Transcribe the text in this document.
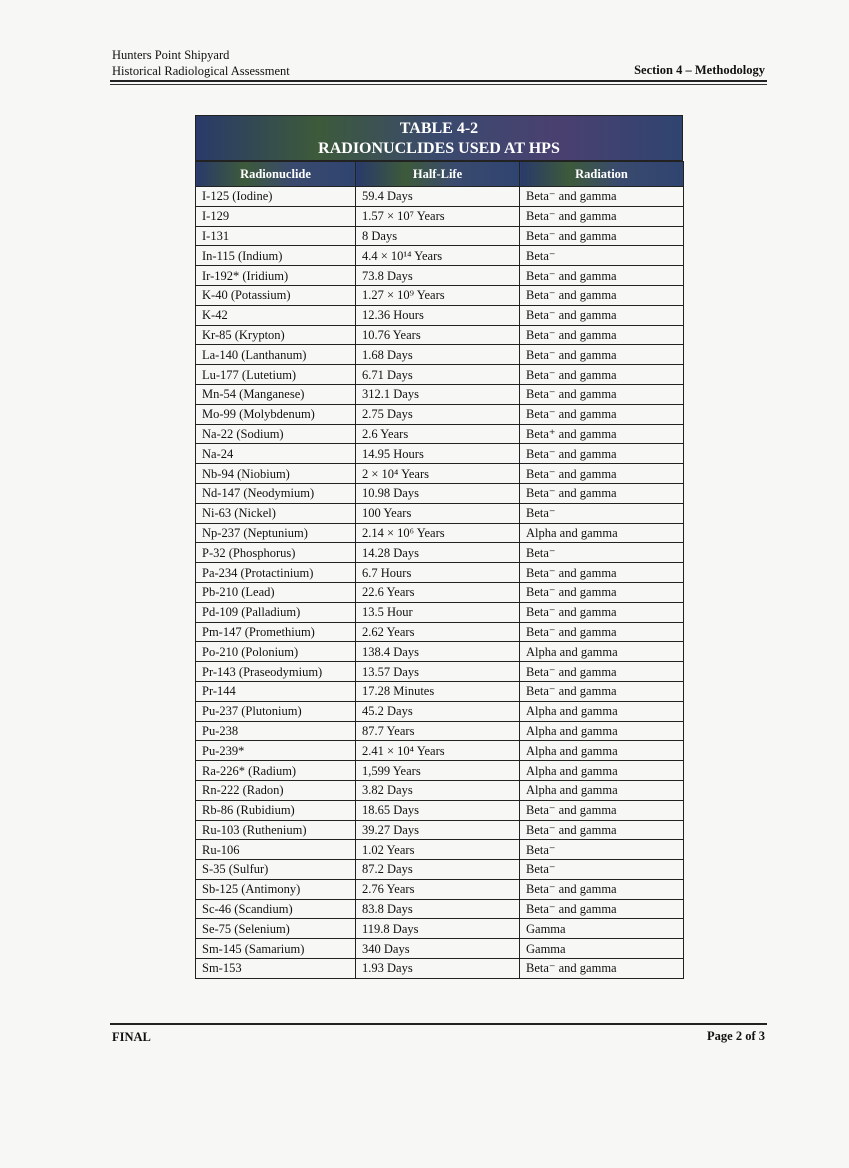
Hunters Point Shipyard
Historical Radiological Assessment	Section 4 – Methodology
TABLE 4-2
RADIONUCLIDES USED AT HPS
Radionuclide	Half-Life	Radiation
I-125 (Iodine)	59.4 Days	Beta⁻ and gamma
I-129	1.57 × 10⁷ Years	Beta⁻ and gamma
I-131	8 Days	Beta⁻ and gamma
In-115 (Indium)	4.4 × 10¹⁴ Years	Beta⁻
Ir-192* (Iridium)	73.8 Days	Beta⁻ and gamma
K-40 (Potassium)	1.27 × 10⁹ Years	Beta⁻ and gamma
K-42	12.36 Hours	Beta⁻ and gamma
Kr-85 (Krypton)	10.76 Years	Beta⁻ and gamma
La-140 (Lanthanum)	1.68 Days	Beta⁻ and gamma
Lu-177 (Lutetium)	6.71 Days	Beta⁻ and gamma
Mn-54 (Manganese)	312.1 Days	Beta⁻ and gamma
Mo-99 (Molybdenum)	2.75 Days	Beta⁻ and gamma
Na-22 (Sodium)	2.6 Years	Beta⁺ and gamma
Na-24	14.95 Hours	Beta⁻ and gamma
Nb-94 (Niobium)	2 × 10⁴ Years	Beta⁻ and gamma
Nd-147 (Neodymium)	10.98 Days	Beta⁻ and gamma
Ni-63 (Nickel)	100 Years	Beta⁻
Np-237 (Neptunium)	2.14 × 10⁶ Years	Alpha and gamma
P-32 (Phosphorus)	14.28 Days	Beta⁻
Pa-234 (Protactinium)	6.7 Hours	Beta⁻ and gamma
Pb-210 (Lead)	22.6 Years	Beta⁻ and gamma
Pd-109 (Palladium)	13.5 Hour	Beta⁻ and gamma
Pm-147 (Promethium)	2.62 Years	Beta⁻ and gamma
Po-210 (Polonium)	138.4 Days	Alpha and gamma
Pr-143 (Praseodymium)	13.57 Days	Beta⁻ and gamma
Pr-144	17.28 Minutes	Beta⁻ and gamma
Pu-237 (Plutonium)	45.2 Days	Alpha and gamma
Pu-238	87.7 Years	Alpha and gamma
Pu-239*	2.41 × 10⁴ Years	Alpha and gamma
Ra-226* (Radium)	1,599 Years	Alpha and gamma
Rn-222 (Radon)	3.82 Days	Alpha and gamma
Rb-86 (Rubidium)	18.65 Days	Beta⁻ and gamma
Ru-103 (Ruthenium)	39.27 Days	Beta⁻ and gamma
Ru-106	1.02 Years	Beta⁻
S-35 (Sulfur)	87.2 Days	Beta⁻
Sb-125 (Antimony)	2.76 Years	Beta⁻ and gamma
Sc-46 (Scandium)	83.8 Days	Beta⁻ and gamma
Se-75 (Selenium)	119.8 Days	Gamma
Sm-145 (Samarium)	340 Days	Gamma
Sm-153	1.93 Days	Beta⁻ and gamma
FINAL	Page 2 of 3
